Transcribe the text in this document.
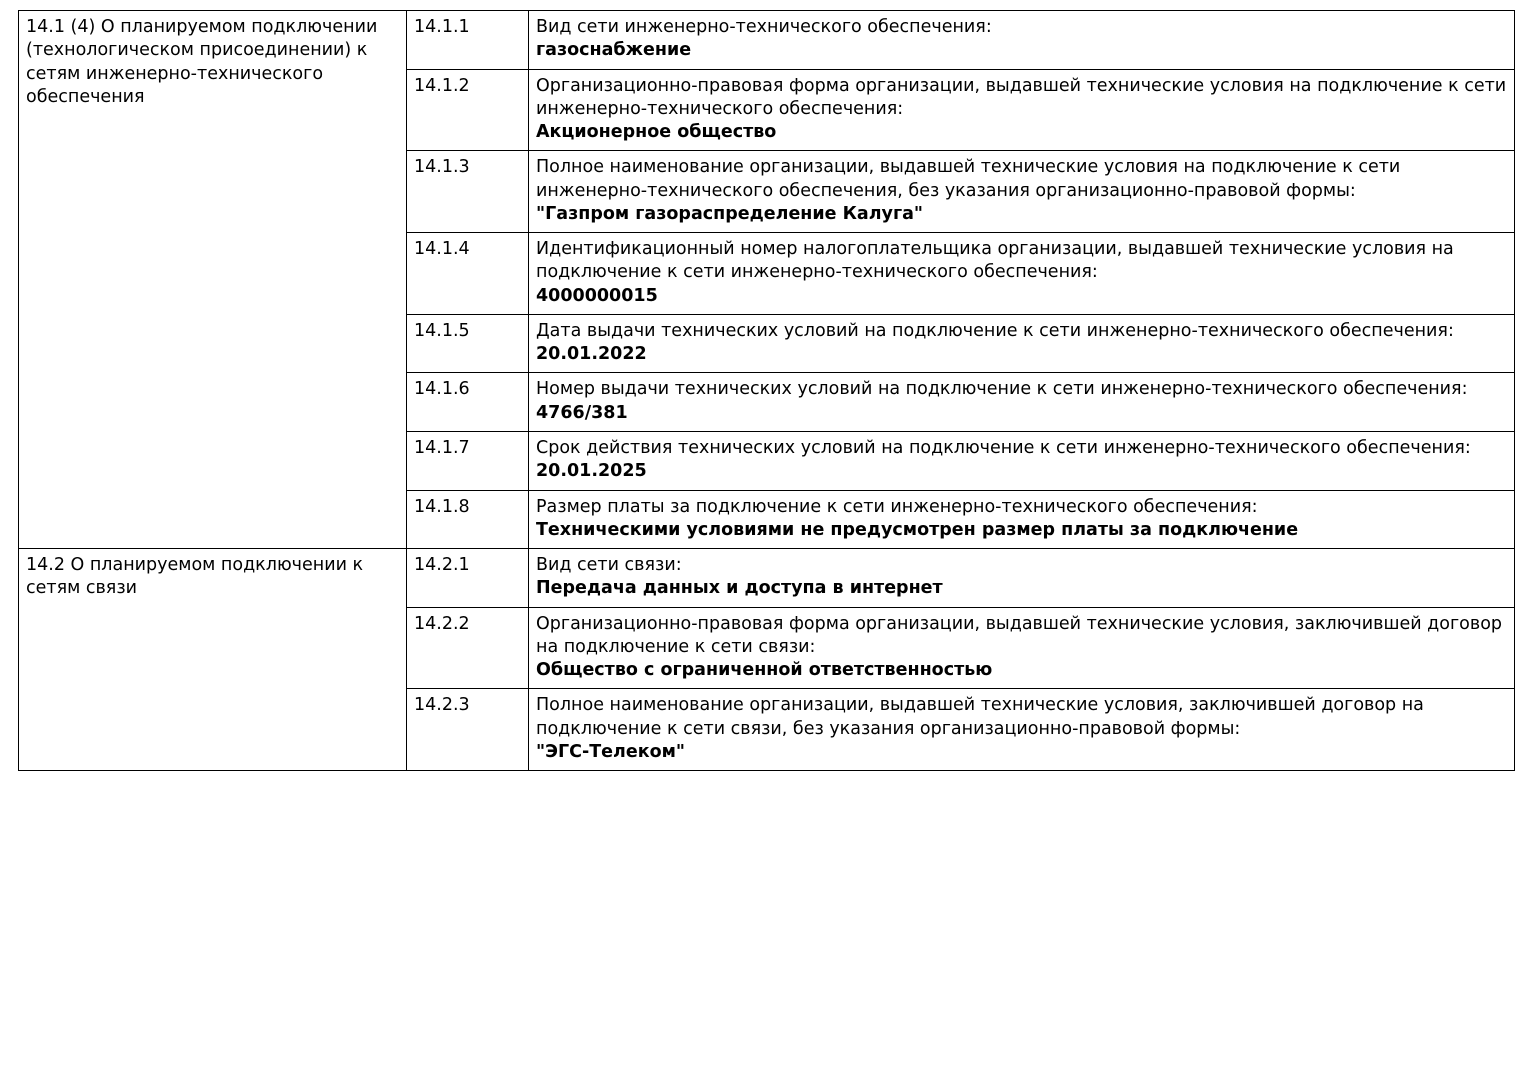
14.1 (4) О планируемом подключении (технологическом присоединении) к сетям инженерно-технического обеспечения	14.1.1	Вид сети инженерно-технического обеспечения:
газоснабжение

	14.1.2	Организационно-правовая форма организации, выдавшей технические условия на подключение к сети инженерно-технического обеспечения:
Акционерное общество

	14.1.3	Полное наименование организации, выдавшей технические условия на подключение к сети инженерно-технического обеспечения, без указания организационно-правовой формы:
"Газпром газораспределение Калуга"

	14.1.4	Идентификационный номер налогоплательщика организации, выдавшей технические условия на подключение к сети инженерно-технического обеспечения:
4000000015

	14.1.5	Дата выдачи технических условий на подключение к сети инженерно-технического обеспечения:
20.01.2022

	14.1.6	Номер выдачи технических условий на подключение к сети инженерно-технического обеспечения:
4766/381

	14.1.7	Срок действия технических условий на подключение к сети инженерно-технического обеспечения:
20.01.2025

	14.1.8	Размер платы за подключение к сети инженерно-технического обеспечения:
Техническими условиями не предусмотрен размер платы за подключение

14.2 О планируемом подключении к сетям связи	14.2.1	Вид сети связи:
Передача данных и доступа в интернет

	14.2.2	Организационно-правовая форма организации, выдавшей технические условия, заключившей договор на подключение к сети связи:
Общество с ограниченной ответственностью

	14.2.3	Полное наименование организации, выдавшей технические условия, заключившей договор на подключение к сети связи, без указания организационно-правовой формы:
"ЭГС-Телеком"
